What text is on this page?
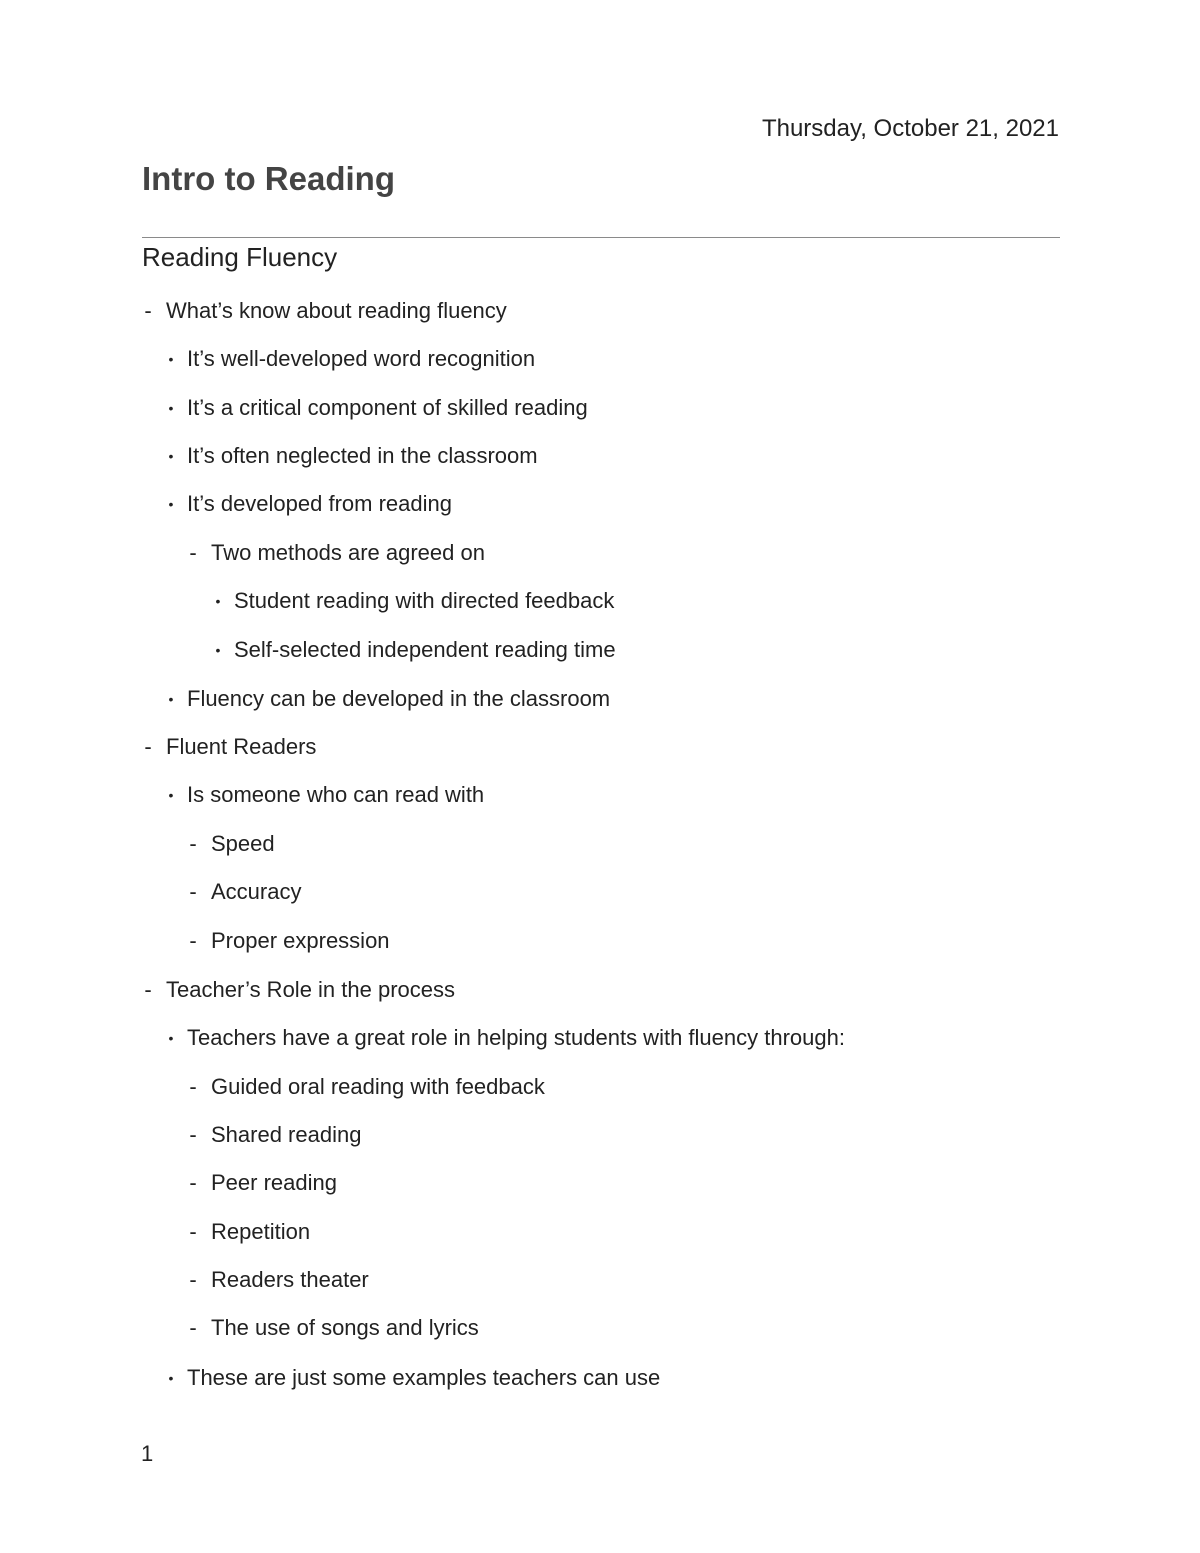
Thursday, October 21, 2021
Intro to Reading
Reading Fluency
- What’s know about reading fluency
• It’s well-developed word recognition
• It’s a critical component of skilled reading
• It’s often neglected in the classroom
• It’s developed from reading
- Two methods are agreed on
• Student reading with directed feedback
• Self-selected independent reading time
• Fluency can be developed in the classroom
- Fluent Readers
• Is someone who can read with
- Speed
- Accuracy
- Proper expression
- Teacher’s Role in the process
• Teachers have a great role in helping students with fluency through:
- Guided oral reading with feedback
- Shared reading
- Peer reading
- Repetition
- Readers theater
- The use of songs and lyrics
• These are just some examples teachers can use
1
